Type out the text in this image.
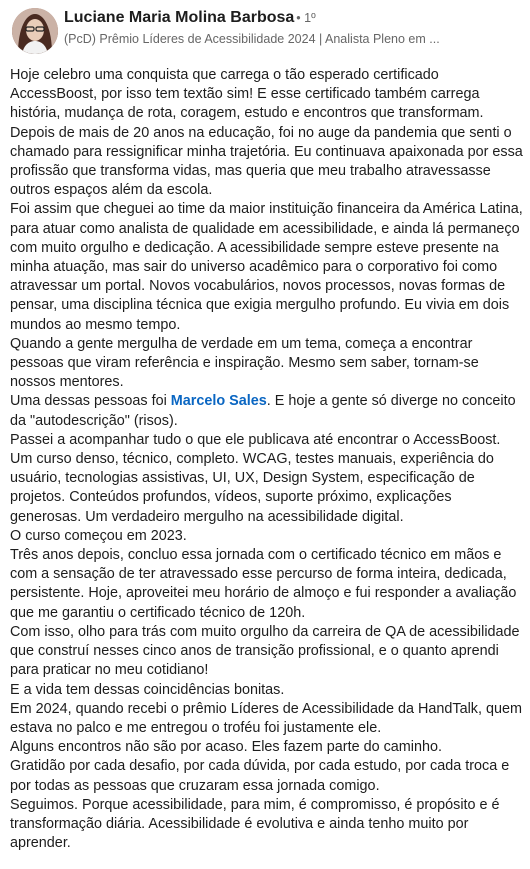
Luciane Maria Molina Barbosa • 1º
(PcD) Prêmio Líderes de Acessibilidade 2024 | Analista Pleno em ...

Hoje celebro uma conquista que carrega o tão esperado certificado AccessBoost, por isso tem textão sim! E esse certificado também carrega história, mudança de rota, coragem, estudo e encontros que transformam.

Depois de mais de 20 anos na educação, foi no auge da pandemia que senti o chamado para ressignificar minha trajetória. Eu continuava apaixonada por essa profissão que transforma vidas, mas queria que meu trabalho atravessasse outros espaços além da escola.

Foi assim que cheguei ao time da maior instituição financeira da América Latina, para atuar como analista de qualidade em acessibilidade, e ainda lá permaneço com muito orgulho e dedicação. A acessibilidade sempre esteve presente na minha atuação, mas sair do universo acadêmico para o corporativo foi como atravessar um portal. Novos vocabulários, novos processos, novas formas de pensar, uma disciplina técnica que exigia mergulho profundo. Eu vivia em dois mundos ao mesmo tempo.

Quando a gente mergulha de verdade em um tema, começa a encontrar pessoas que viram referência e inspiração. Mesmo sem saber, tornam-se nossos mentores.

Uma dessas pessoas foi Marcelo Sales. E hoje a gente só diverge no conceito da "autodescrição" (risos).

Passei a acompanhar tudo o que ele publicava até encontrar o AccessBoost. Um curso denso, técnico, completo. WCAG, testes manuais, experiência do usuário, tecnologias assistivas, UI, UX, Design System, especificação de projetos. Conteúdos profundos, vídeos, suporte próximo, explicações generosas. Um verdadeiro mergulho na acessibilidade digital.

O curso começou em 2023.

Três anos depois, concluo essa jornada com o certificado técnico em mãos e com a sensação de ter atravessado esse percurso de forma inteira, dedicada, persistente. Hoje, aproveitei meu horário de almoço e fui responder a avaliação que me garantiu o certificado técnico de 120h.

Com isso, olho para trás com muito orgulho da carreira de QA de acessibilidade que construí nesses cinco anos de transição profissional, e o quanto aprendi para praticar no meu cotidiano!

E a vida tem dessas coincidências bonitas.

Em 2024, quando recebi o prêmio Líderes de Acessibilidade da HandTalk, quem estava no palco e me entregou o troféu foi justamente ele.

Alguns encontros não são por acaso. Eles fazem parte do caminho.

Gratidão por cada desafio, por cada dúvida, por cada estudo, por cada troca e por todas as pessoas que cruzaram essa jornada comigo.

Seguimos. Porque acessibilidade, para mim, é compromisso, é propósito e é transformação diária. Acessibilidade é evolutiva e ainda tenho muito por aprender.
